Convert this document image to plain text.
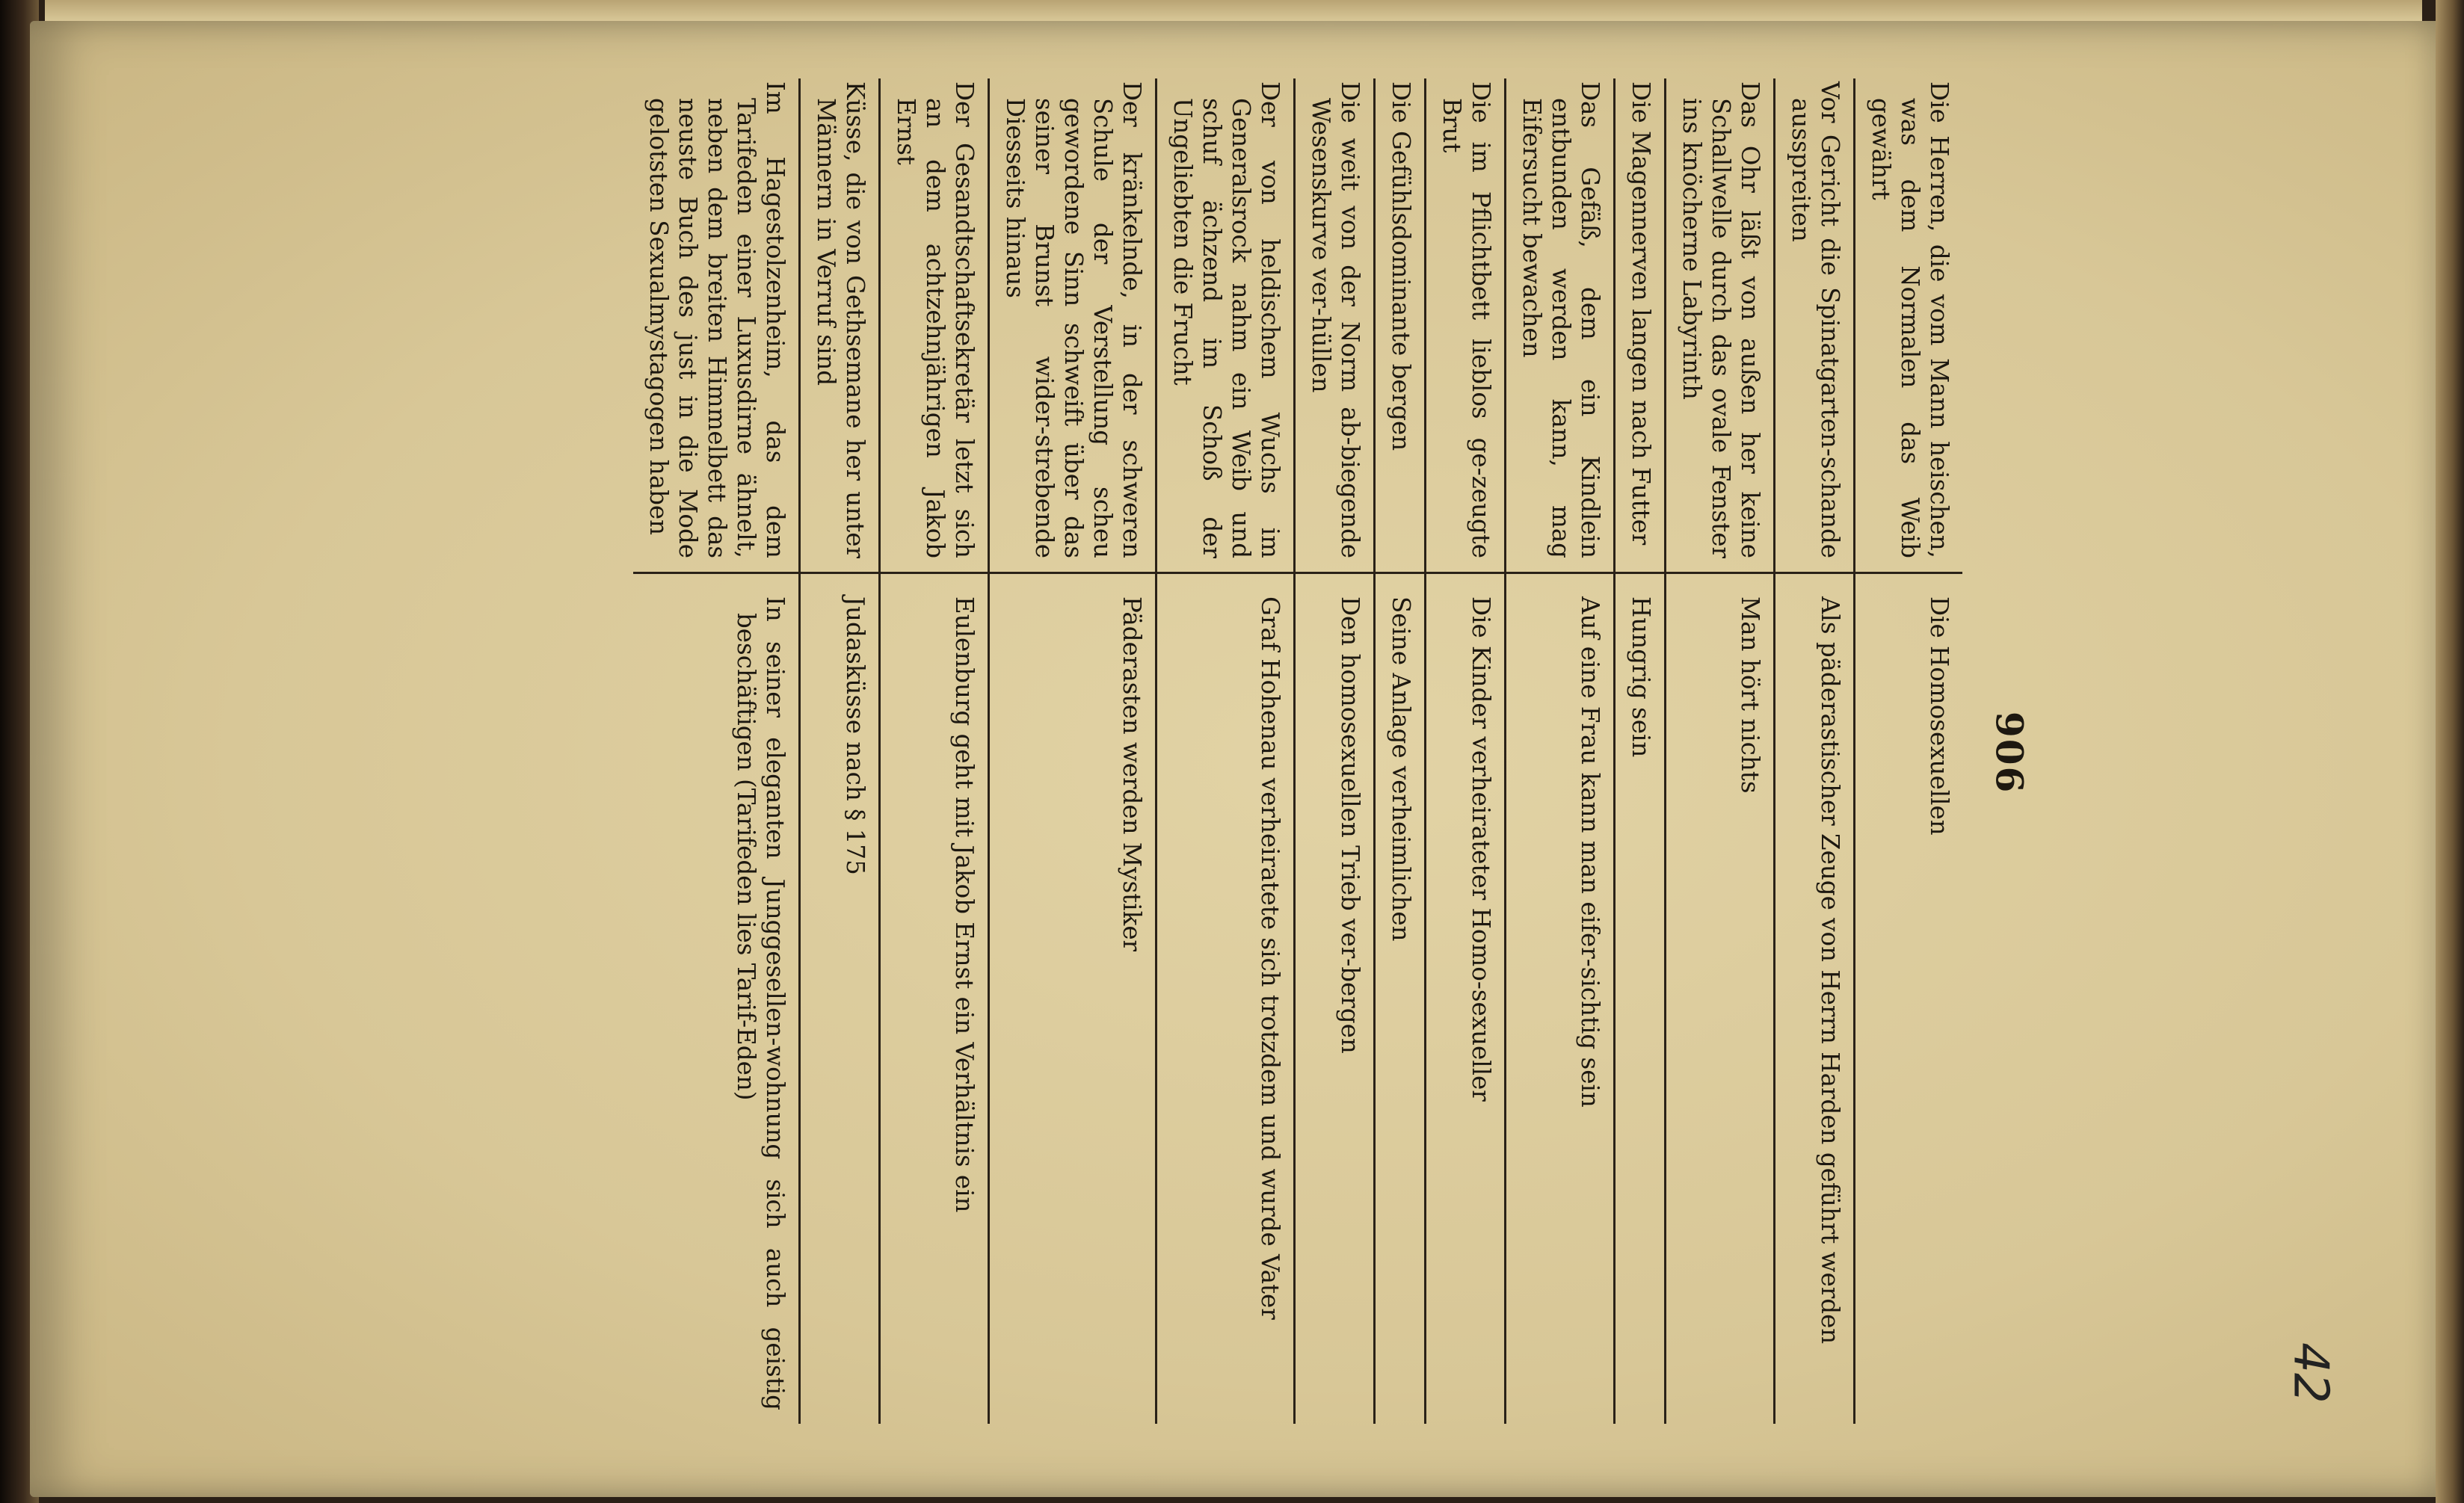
906
Die Herren, die vom Mann heischen, was dem Normalen das Weib gewährt
Die Homosexuellen
Vor Gericht die Spinatgarten-schande ausspreiten
Als päderastischer Zeuge von Herrn Harden geführt werden
Das Ohr läßt von außen her keine Schallwelle durch das ovale Fenster ins knöcherne Labyrinth
Man hört nichts
Die Magennerven langen nach Futter
Hungrig sein
Das Gefäß, dem ein Kindlein entbunden werden kann, mag Eifersucht bewachen
Auf eine Frau kann man eifer-sichtig sein
Die im Pflichtbett lieblos ge-zeugte Brut
Die Kinder verheirateter Homo-sexueller
Die Gefühlsdominante bergen
Seine Anlage verheimlichen
Die weit von der Norm ab-biegende Wesenskurve ver-hüllen
Den homosexuellen Trieb ver-bergen
Der von heldischem Wuchs im Generalsrock nahm ein Weib und schuf ächzend im Schoß der Ungeliebten die Frucht
Graf Hohenau verheiratete sich trotzdem und wurde Vater
Der kränkelnde, in der schweren Schule der Verstellung scheu gewordene Sinn schweift über das seiner Brunst wider-strebende Diesseits hinaus
Päderasten werden Mystiker
Der Gesandtschaftsekretär letzt sich an dem achtzehnjährigen Jakob Ernst
Eulenburg geht mit Jakob Ernst ein Verhältnis ein
Küsse, die von Gethsemane her unter Männern in Verruf sind
Judasküsse nach § 175
Im Hagestolzenheim, das dem Tarifeden einer Luxusdirne ähnelt, neben dem breiten Himmelbett das neuste Buch des just in die Mode gelotsten Sexualmystagogen haben
In seiner eleganten Junggesellen-wohnung sich auch geistig beschäftigen (Tarifeden lies Tarif-Eden)
42
